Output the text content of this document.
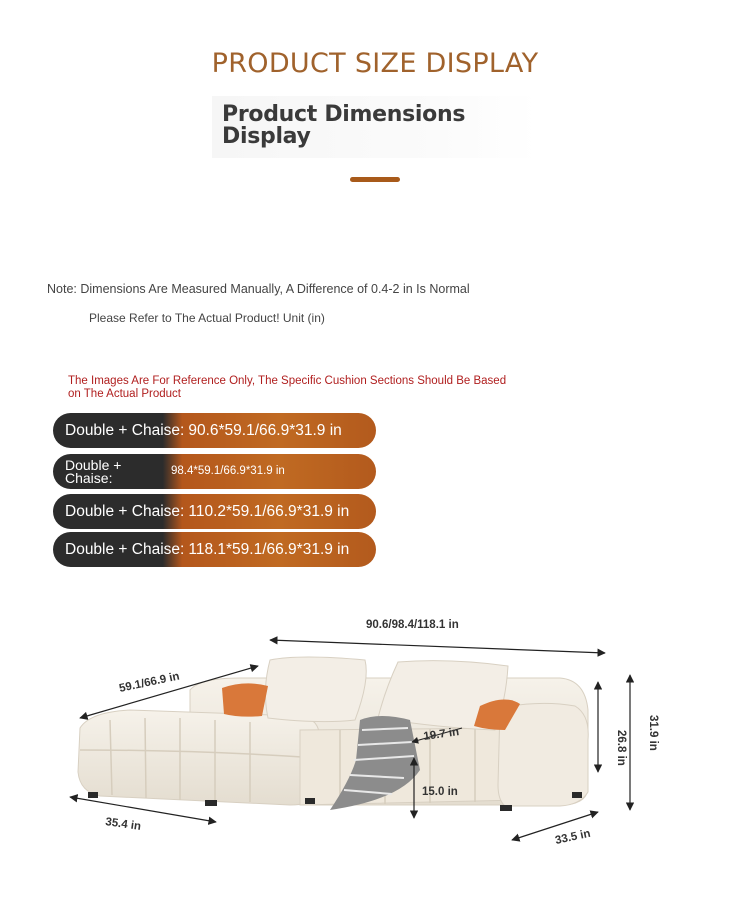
PRODUCT SIZE DISPLAY
Product Dimensions Display
Note: Dimensions Are Measured Manually, A Difference of 0.4-2 in Is Normal
Please Refer to The Actual Product! Unit (in)
The Images Are For Reference Only, The Specific Cushion Sections Should Be Based on The Actual Product
Double + Chaise : 90.6*59.1/66.9*31.9 in
Double + Chaise:	98.4*59.1/66.9*31.9 in
Double + Chaise : 110.2*59.1/66.9*31.9 in
Double + Chaise : 118.1*59.1/66.9*31.9 in
90.6/98.4/118.1 in
59.1/66.9 in
35.4 in
33.5 in
31.9 in
26.8 in
19.7 in
15.0 in
